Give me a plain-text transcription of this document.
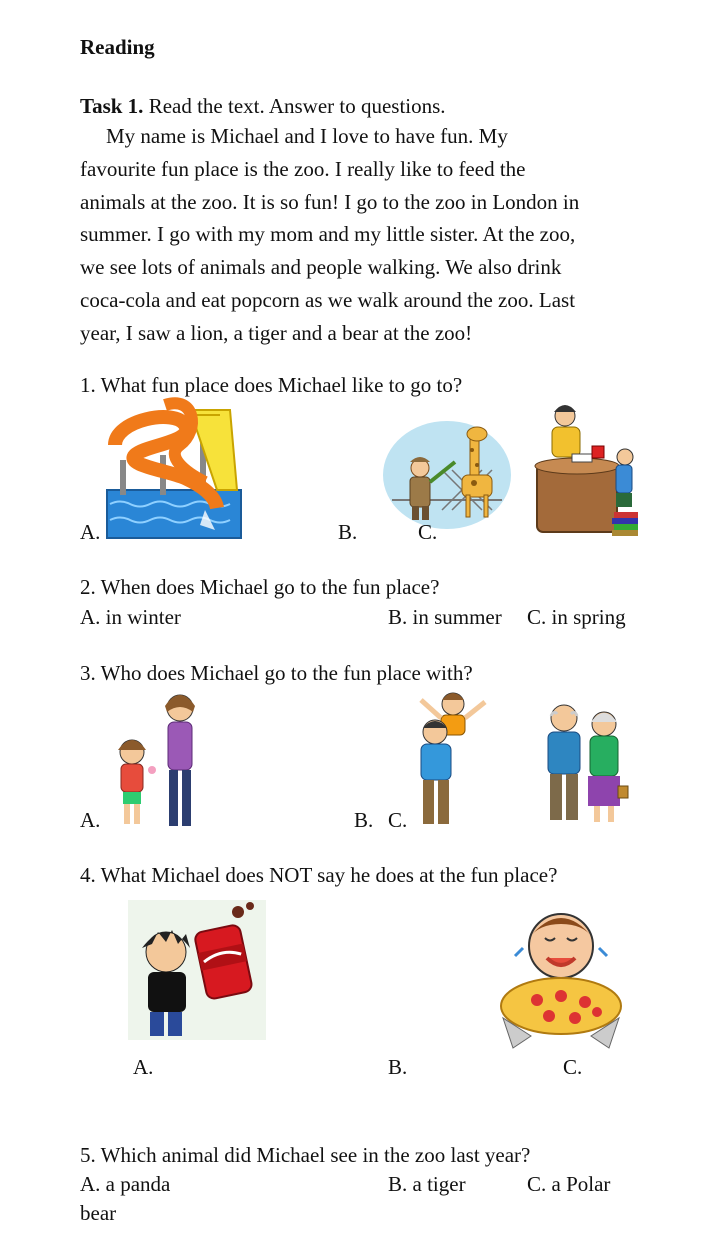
Reading
Task 1. Read the text. Answer to questions.
My name is Michael and I love to have fun. My
favourite fun place is the zoo. I really like to feed the
animals at the zoo. It is so fun! I go to the zoo in London in
summer. I go with my mom and my little sister. At the zoo,
we see lots of animals and people walking. We also drink
coca-cola and eat popcorn as we walk around the zoo. Last
year, I saw a lion, a tiger and a bear at the zoo!
1. What fun place does Michael like to go to?
A.	B.	C.
2. When does Michael go to the fun place?
A. in winter	B. in summer C. in spring
3. Who does Michael go to the fun place with?
A.	B. C.
4. What Michael does NOT say he does at the fun place?
A.	B.	C.
5. Which animal did Michael see in the zoo last year?
A. a panda	B. a tiger	C. a Polar
bear
